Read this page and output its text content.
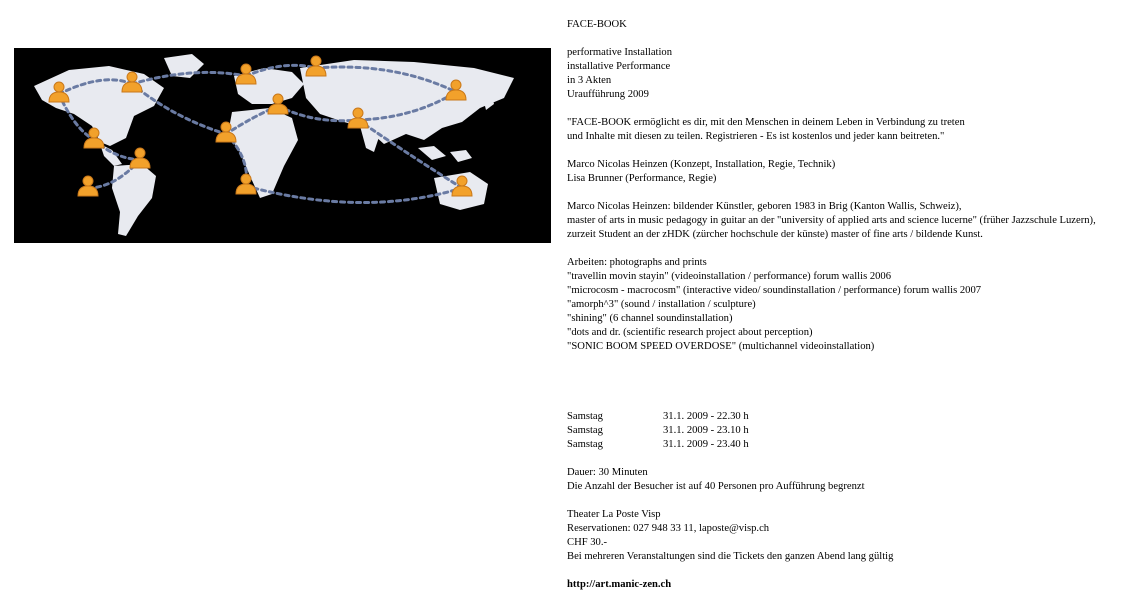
FACE-BOOK

performative Installation
installative Performance
in 3 Akten
Uraufführung 2009
"FACE-BOOK ermöglicht es dir, mit den Menschen in deinem Leben in Verbindung zu treten
und Inhalte mit diesen zu teilen. Registrieren - Es ist kostenlos und jeder kann beitreten."
Marco Nicolas Heinzen (Konzept, Installation, Regie, Technik)
Lisa Brunner (Performance, Regie)
Marco Nicolas Heinzen: bildender Künstler, geboren 1983 in Brig (Kanton Wallis, Schweiz),
master of arts in music pedagogy in guitar an der "university of applied arts and science lucerne" (früher Jazzschule Luzern),
zurzeit Student an der zHDK (zürcher hochschule der künste) master of fine arts / bildende Kunst.
Arbeiten: photographs and prints
"travellin movin stayin" (videoinstallation / performance) forum wallis 2006
"microcosm - macrocosm" (interactive video/ soundinstallation / performance) forum wallis 2007
"amorph^3" (sound / installation / sculpture)
"shining" (6 channel soundinstallation)
"dots and dr. (scientific research project about perception)
"SONIC BOOM SPEED OVERDOSE" (multichannel videoinstallation)
Samstag	31.1. 2009 - 22.30 h
Samstag	31.1. 2009 - 23.10 h
Samstag	31.1. 2009 - 23.40 h
Dauer: 30 Minuten
Die Anzahl der Besucher ist auf 40 Personen pro Aufführung begrenzt
Theater La Poste Visp
Reservationen: 027 948 33 11, laposte@visp.ch
CHF 30.-
Bei mehreren Veranstaltungen sind die Tickets den ganzen Abend lang gültig
http://art.manic-zen.ch
